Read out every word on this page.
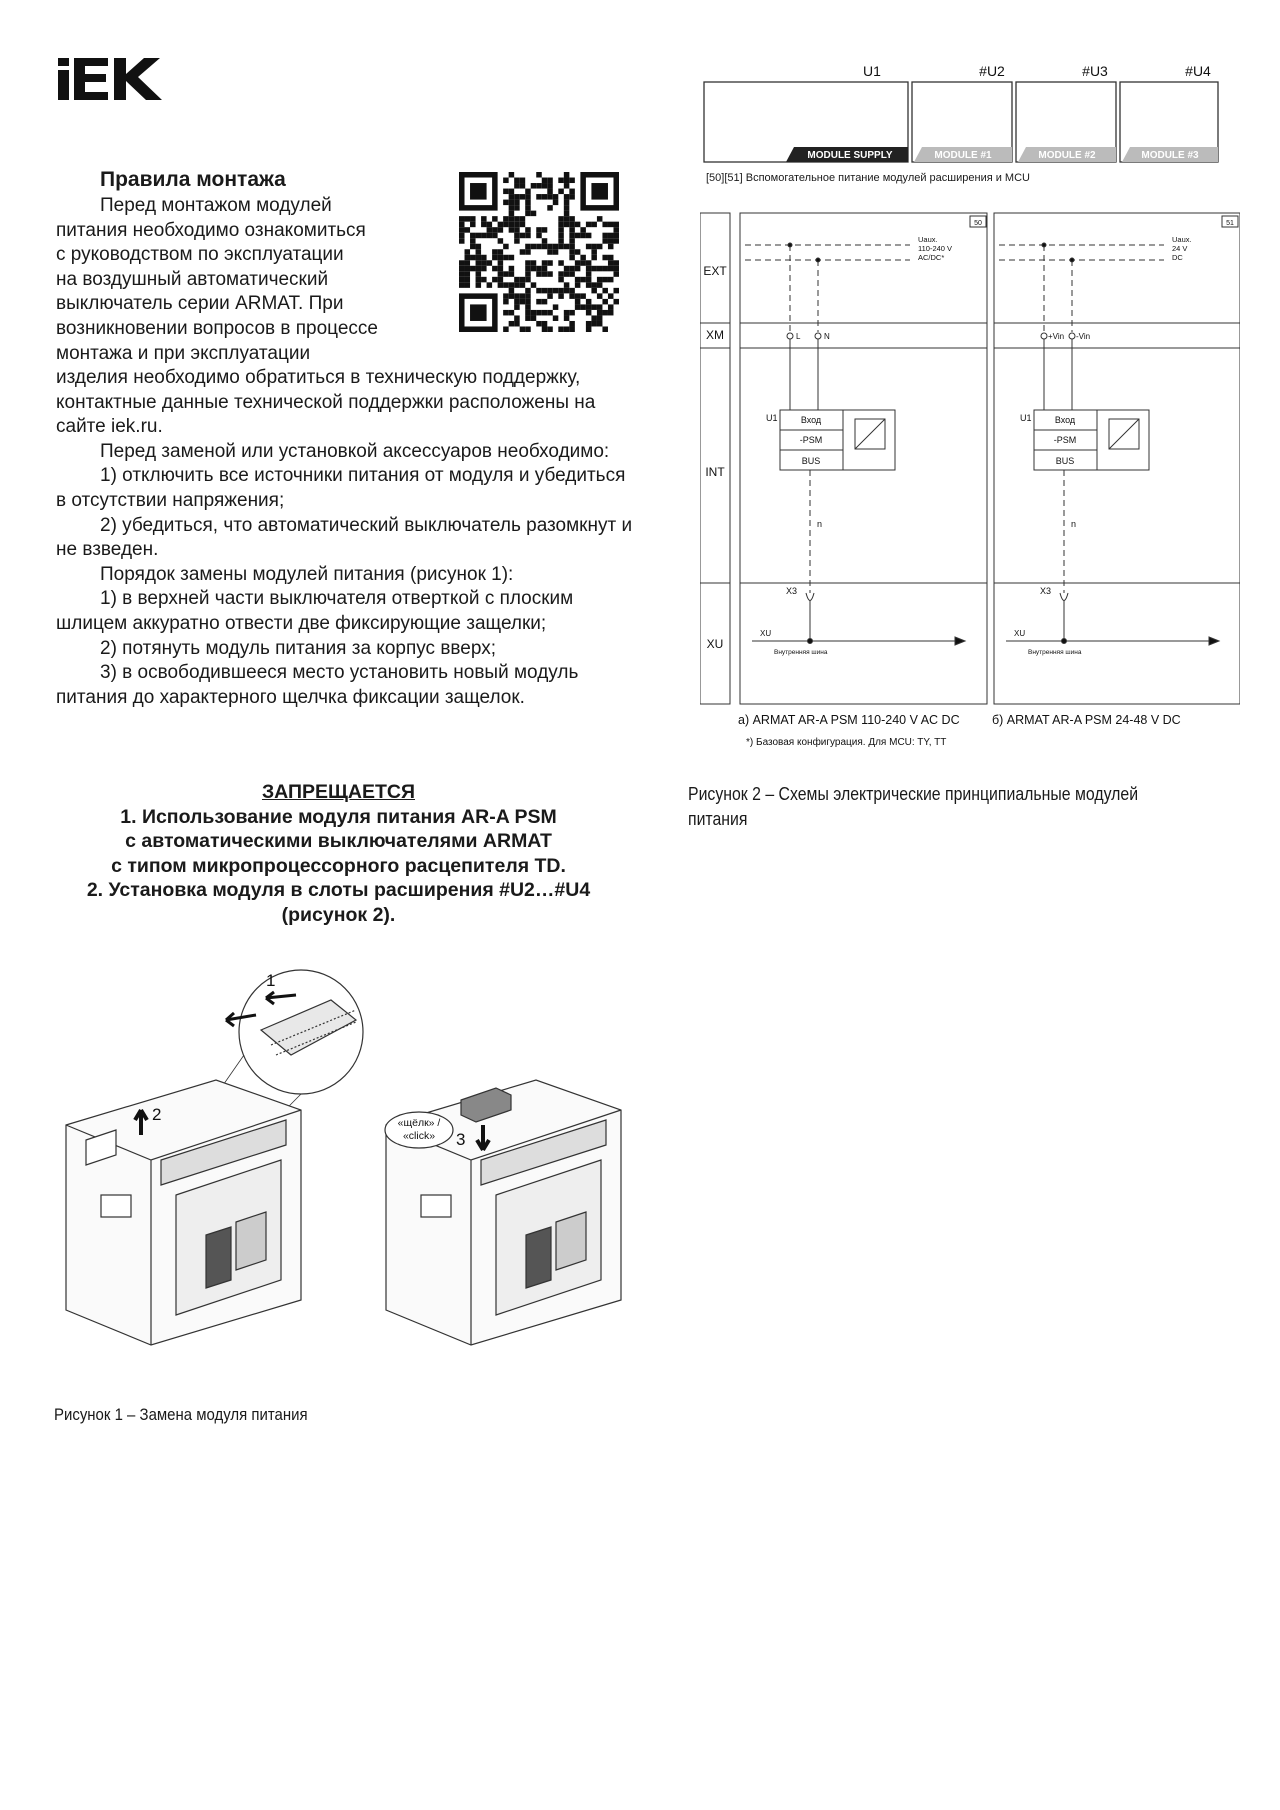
Правила монтажа
Перед монтажом модулей
питания необходимо ознакомиться
с руководством по эксплуатации
на воздушный автоматический
выключатель серии ARMAT. При
возникновении вопросов в процессе
монтажа и при эксплуатации

изделия необходимо обратиться в техническую поддержку, контактные данные технической поддержки расположены на сайте iek.ru.

Перед заменой или установкой аксессуаров необходимо:

1) отключить все источники питания от модуля и убедиться в отсутствии напряжения;

2) убедиться, что автоматический выключатель разомкнут и не взведен.

Порядок замены модулей питания (рисунок 1):

1) в верхней части выключателя отверткой с плоским шлицем аккуратно отвести две фиксирующие защелки;

2) потянуть модуль питания за корпус вверх;

3) в освободившееся место установить новый модуль питания до характерного щелчка фиксации защелок.

ЗАПРЕЩАЕТСЯ
1. Использование модуля питания AR-A PSM
с автоматическими выключателями ARMAT
с типом микропроцессорного расцепителя TD.
2. Установка модуля в слоты расширения #U2…#U4
(рисунок 2).
1
2
3
«щёлк» /
«click»
Рисунок 1 – Замена модуля питания
U1	#U2	#U3	#U4
MODULE SUPPLY	MODULE #1	MODULE #2	MODULE #3
[50][51] Вспомогательное питание модулей расширения и MCU
EXT
XM
INT
XU
50
Uaux.
110-240 V
AC/DC*
L	N
Вход
-PSM
BUS
U1
n
X3
XU
Внутренняя шина
51
Uaux.
24 V
DC
+Vin -Vin
Вход
-PSM
BUS
U1
n
X3
XU
Внутренняя шина
а) ARMAT AR-A PSM 110-240 V AC DC	б) ARMAT AR-A PSM 24-48 V DC
*) Базовая конфигурация. Для MCU: TY, TT
Рисунок 2 – Схемы электрические принципиальные модулей питания
